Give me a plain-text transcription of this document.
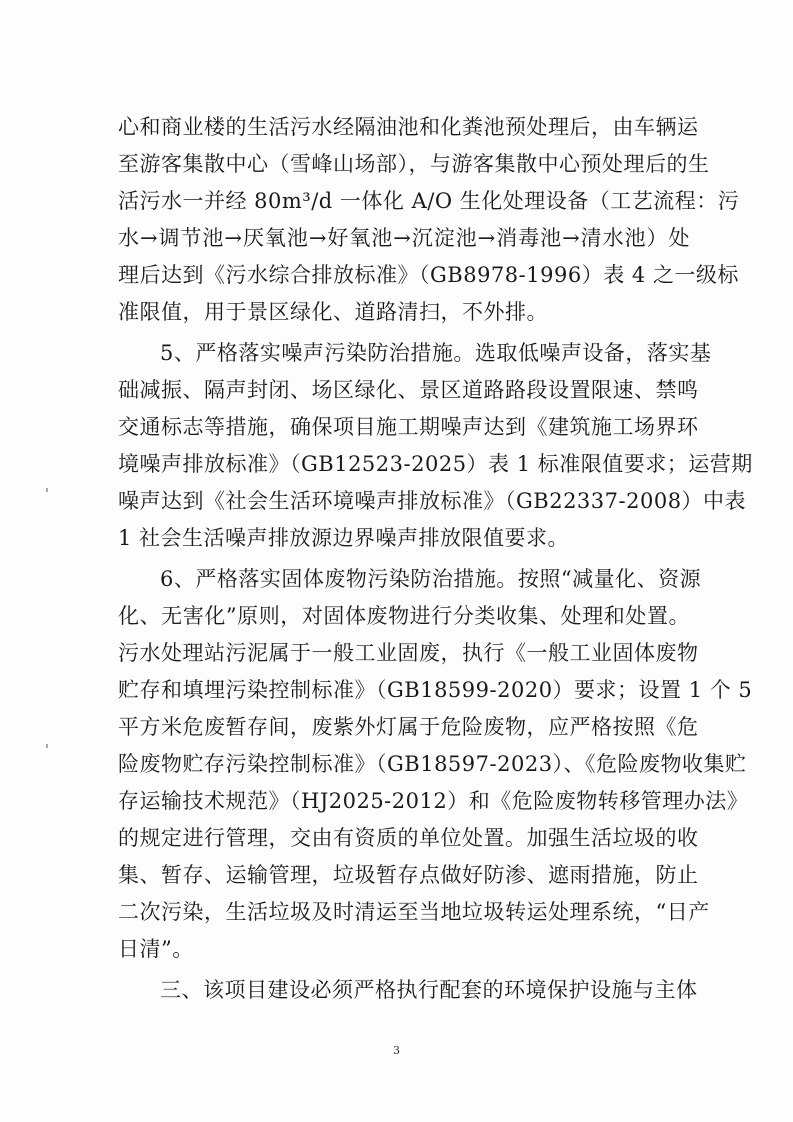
心和商业楼的生活污水经隔油池和化粪池预处理后，由车辆运
至游客集散中心（雪峰山场部），与游客集散中心预处理后的生
活污水一并经 80m³/d 一体化 A/O 生化处理设备（工艺流程：污
水→调节池→厌氧池→好氧池→沉淀池→消毒池→清水池）处
理后达到《污水综合排放标准》（GB8978-1996）表 4 之一级标
准限值，用于景区绿化、道路清扫，不外排。
5、严格落实噪声污染防治措施。选取低噪声设备，落实基
础减振、隔声封闭、场区绿化、景区道路路段设置限速、禁鸣
交通标志等措施，确保项目施工期噪声达到《建筑施工场界环
境噪声排放标准》（GB12523-2025）表 1 标准限值要求；运营期
噪声达到《社会生活环境噪声排放标准》（GB22337-2008）中表
1 社会生活噪声排放源边界噪声排放限值要求。
6、严格落实固体废物污染防治措施。按照“减量化、资源
化、无害化”原则，对固体废物进行分类收集、处理和处置。
污水处理站污泥属于一般工业固废，执行《一般工业固体废物
贮存和填埋污染控制标准》（GB18599-2020）要求；设置 1 个 5
平方米危废暂存间，废紫外灯属于危险废物，应严格按照《危
险废物贮存污染控制标准》（GB18597-2023）、《危险废物收集贮
存运输技术规范》（HJ2025-2012）和《危险废物转移管理办法》
的规定进行管理，交由有资质的单位处置。加强生活垃圾的收
集、暂存、运输管理，垃圾暂存点做好防渗、遮雨措施，防止
二次污染，生活垃圾及时清运至当地垃圾转运处理系统，“日产
日清”。
三、该项目建设必须严格执行配套的环境保护设施与主体
3
